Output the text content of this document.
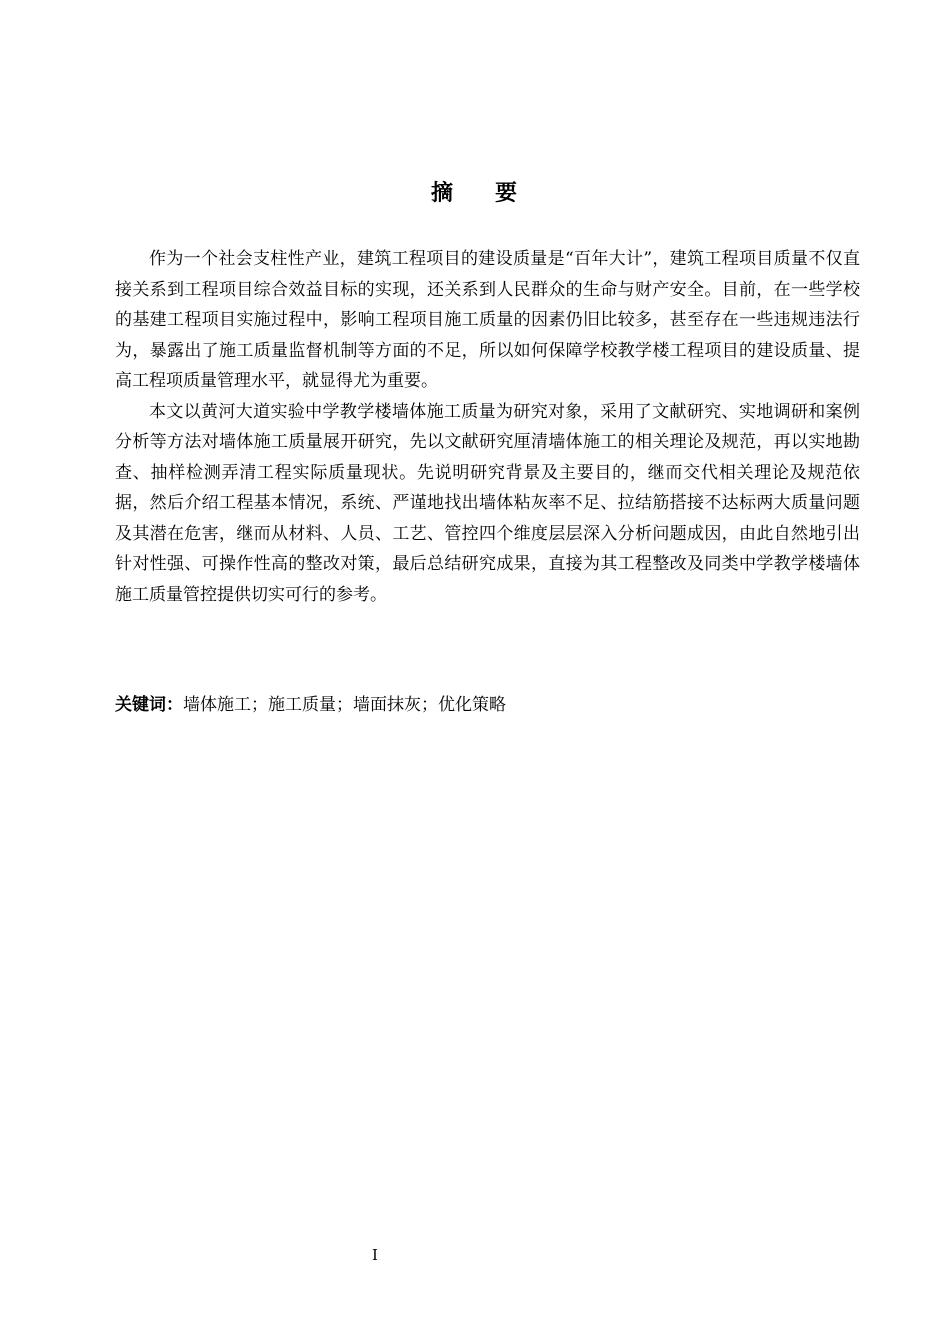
摘 要

作为一个社会支柱性产业，建筑工程项目的建设质量是“百年大计”，建筑工程项目质量不仅直接关系到工程项目综合效益目标的实现，还关系到人民群众的生命与财产安全。目前，在一些学校的基建工程项目实施过程中，影响工程项目施工质量的因素仍旧比较多，甚至存在一些违规违法行为，暴露出了施工质量监督机制等方面的不足，所以如何保障学校教学楼工程项目的建设质量、提高工程项质量管理水平，就显得尤为重要。

本文以黄河大道实验中学教学楼墙体施工质量为研究对象，采用了文献研究、实地调研和案例分析等方法对墙体施工质量展开研究，先以文献研究厘清墙体施工的相关理论及规范，再以实地勘查、抽样检测弄清工程实际质量现状。先说明研究背景及主要目的，继而交代相关理论及规范依据，然后介绍工程基本情况，系统、严谨地找出墙体粘灰率不足、拉结筋搭接不达标两大质量问题及其潜在危害，继而从材料、人员、工艺、管控四个维度层层深入分析问题成因，由此自然地引出针对性强、可操作性高的整改对策，最后总结研究成果，直接为其工程整改及同类中学教学楼墙体施工质量管控提供切实可行的参考。

关键词：墙体施工；施工质量；墙面抹灰；优化策略

I
